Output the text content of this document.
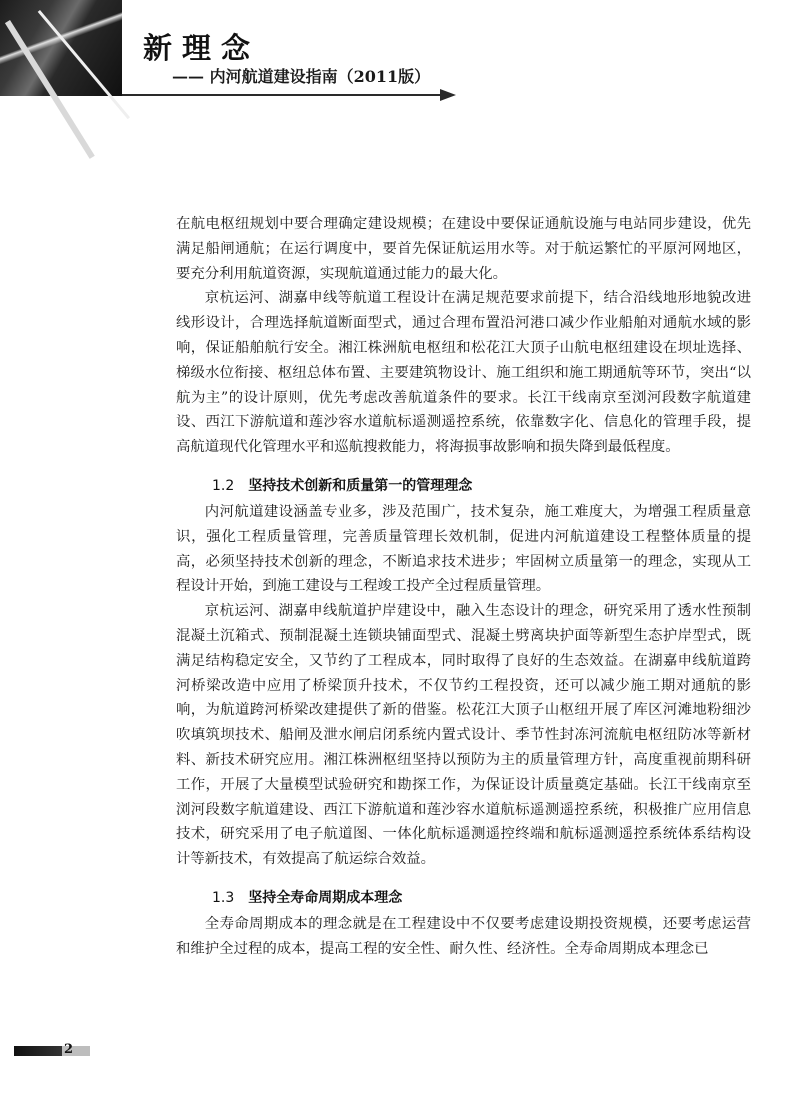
新理念
—— 内河航道建设指南（2011版）

在航电枢纽规划中要合理确定建设规模；在建设中要保证通航设施与电站同步建设，优先满足船闸通航；在运行调度中，要首先保证航运用水等。对于航运繁忙的平原河网地区，要充分利用航道资源，实现航道通过能力的最大化。

京杭运河、湖嘉申线等航道工程设计在满足规范要求前提下，结合沿线地形地貌改进线形设计，合理选择航道断面型式，通过合理布置沿河港口减少作业船舶对通航水域的影响，保证船舶航行安全。湘江株洲航电枢纽和松花江大顶子山航电枢纽建设在坝址选择、梯级水位衔接、枢纽总体布置、主要建筑物设计、施工组织和施工期通航等环节，突出“以航为主”的设计原则，优先考虑改善航道条件的要求。长江干线南京至浏河段数字航道建设、西江下游航道和莲沙容水道航标遥测遥控系统，依靠数字化、信息化的管理手段，提高航道现代化管理水平和巡航搜救能力，将海损事故影响和损失降到最低程度。

1.2 坚持技术创新和质量第一的管理理念

内河航道建设涵盖专业多，涉及范围广，技术复杂，施工难度大，为增强工程质量意识，强化工程质量管理，完善质量管理长效机制，促进内河航道建设工程整体质量的提高，必须坚持技术创新的理念，不断追求技术进步；牢固树立质量第一的理念，实现从工程设计开始，到施工建设与工程竣工投产全过程质量管理。

京杭运河、湖嘉申线航道护岸建设中，融入生态设计的理念，研究采用了透水性预制混凝土沉箱式、预制混凝土连锁块铺面型式、混凝土劈离块护面等新型生态护岸型式，既满足结构稳定安全，又节约了工程成本，同时取得了良好的生态效益。在湖嘉申线航道跨河桥梁改造中应用了桥梁顶升技术，不仅节约工程投资，还可以减少施工期对通航的影响，为航道跨河桥梁改建提供了新的借鉴。松花江大顶子山枢纽开展了库区河滩地粉细沙吹填筑坝技术、船闸及泄水闸启闭系统内置式设计、季节性封冻河流航电枢纽防冰等新材料、新技术研究应用。湘江株洲枢纽坚持以预防为主的质量管理方针，高度重视前期科研工作，开展了大量模型试验研究和勘探工作，为保证设计质量奠定基础。长江干线南京至浏河段数字航道建设、西江下游航道和莲沙容水道航标遥测遥控系统，积极推广应用信息技术，研究采用了电子航道图、一体化航标遥测遥控终端和航标遥测遥控系统体系结构设计等新技术，有效提高了航运综合效益。

1.3 坚持全寿命周期成本理念

全寿命周期成本的理念就是在工程建设中不仅要考虑建设期投资规模，还要考虑运营和维护全过程的成本，提高工程的安全性、耐久性、经济性。全寿命周期成本理念已

2
